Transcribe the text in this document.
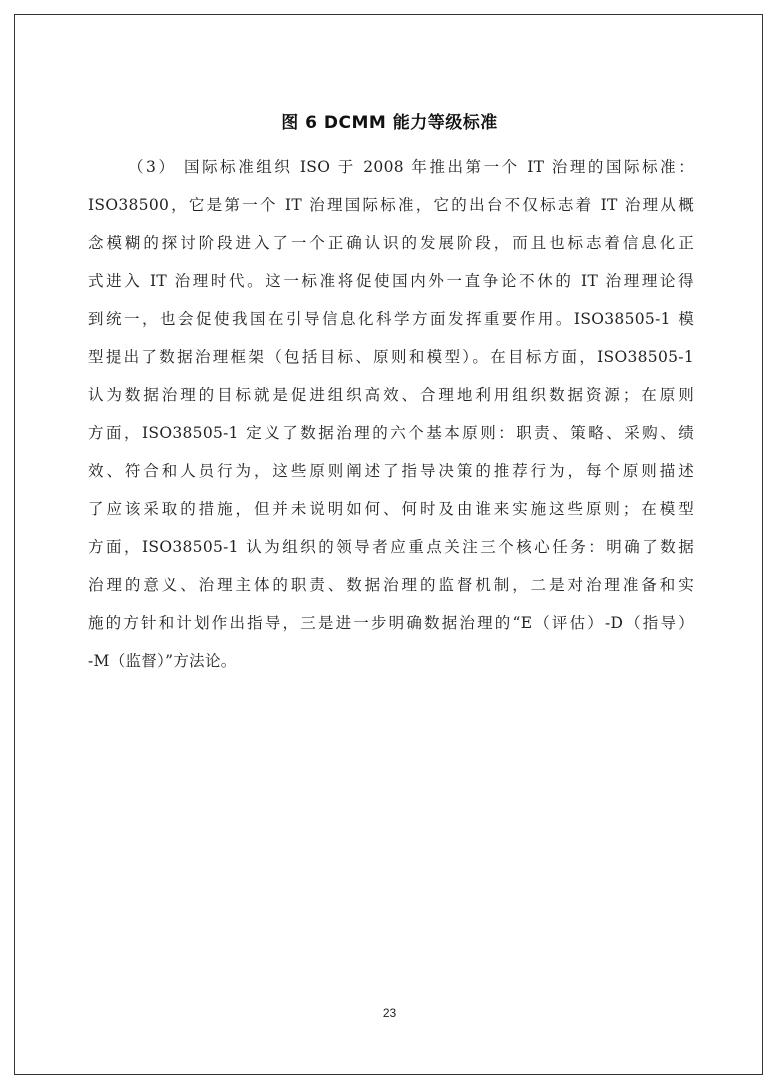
图 6 DCMM 能力等级标准
（3） 国际标准组织 ISO 于 2008 年推出第一个 IT 治理的国际标准：
ISO38500，它是第一个 IT 治理国际标准，它的出台不仅标志着 IT 治理从概
念模糊的探讨阶段进入了一个正确认识的发展阶段，而且也标志着信息化正
式进入 IT 治理时代。这一标准将促使国内外一直争论不休的 IT 治理理论得
到统一，也会促使我国在引导信息化科学方面发挥重要作用。ISO38505-1 模
型提出了数据治理框架（包括目标、原则和模型）。在目标方面，ISO38505-1
认为数据治理的目标就是促进组织高效、合理地利用组织数据资源；在原则
方面，ISO38505-1 定义了数据治理的六个基本原则：职责、策略、采购、绩
效、符合和人员行为，这些原则阐述了指导决策的推荐行为，每个原则描述
了应该采取的措施，但并未说明如何、何时及由谁来实施这些原则；在模型
方面，ISO38505-1 认为组织的领导者应重点关注三个核心任务：明确了数据
治理的意义、治理主体的职责、数据治理的监督机制，二是对治理准备和实
施的方针和计划作出指导，三是进一步明确数据治理的“E（评估）-D（指导）
-M（监督）”方法论。
23
